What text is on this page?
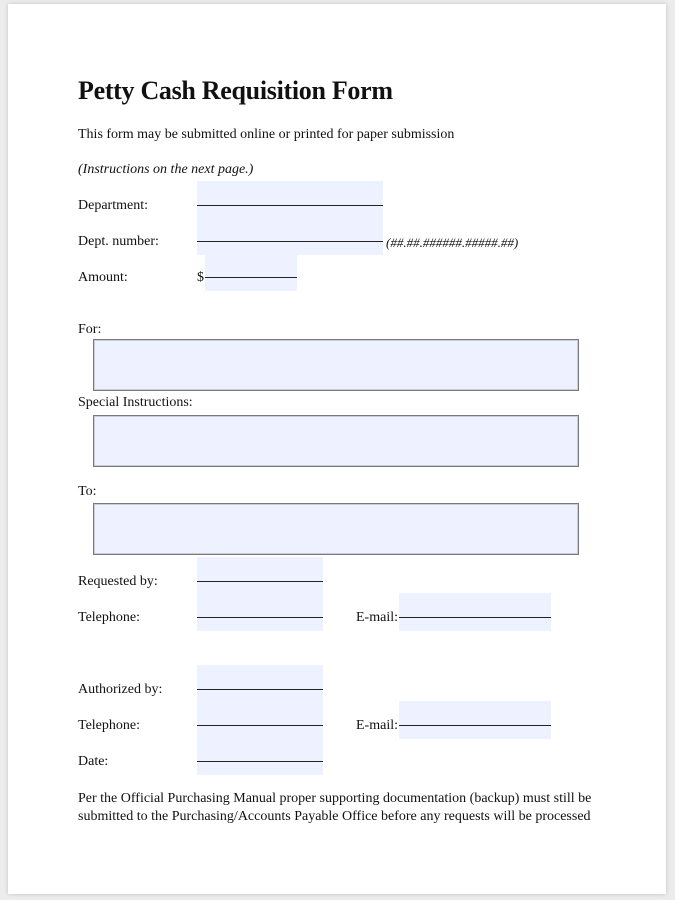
Petty Cash Requisition Form
This form may be submitted online or printed for paper submission
(Instructions on the next page.)
Department:
Dept. number:	(##.##.######.#####.##)
Amount:	$
For:
Special Instructions:
To:
Requested by:
Telephone:	E-mail:
Authorized by:
Telephone:	E-mail:
Date:
Per the Official Purchasing Manual proper supporting documentation (backup) must still be
submitted to the Purchasing/Accounts Payable Office before any requests will be processed
